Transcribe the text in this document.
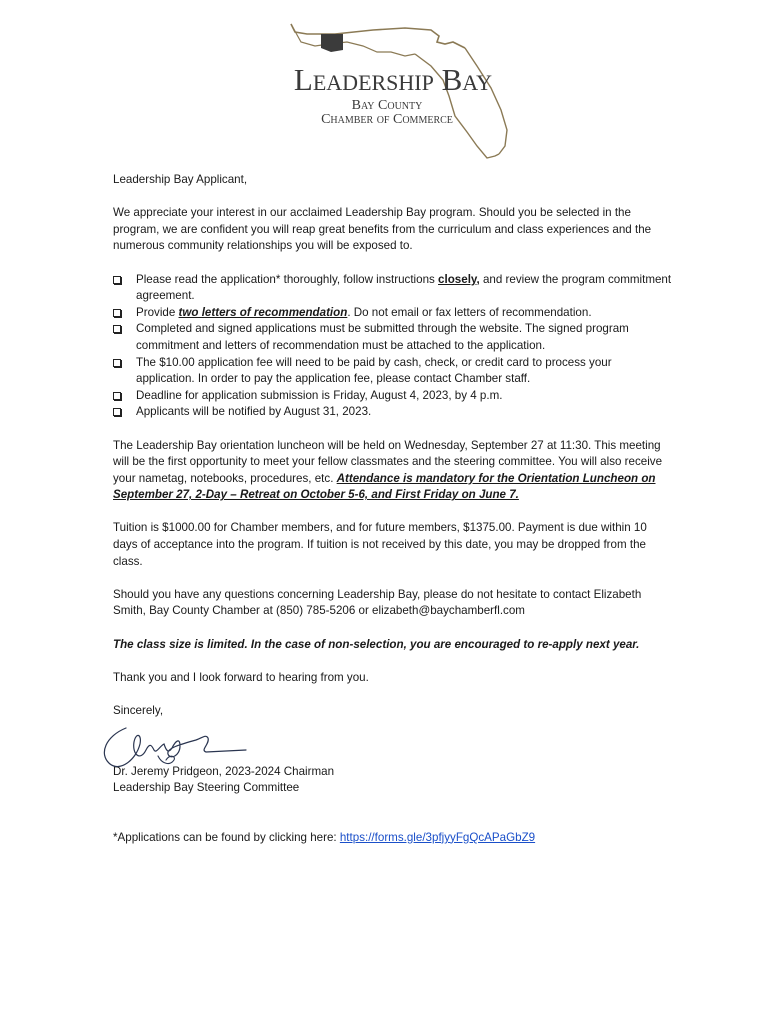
Leadership Bay
Bay County
Chamber of Commerce

Leadership Bay Applicant,

We appreciate your interest in our acclaimed Leadership Bay program. Should you be selected in the program, we are confident you will reap great benefits from the curriculum and class experiences and the numerous community relationships you will be exposed to.

Please read the application* thoroughly, follow instructions closely, and review the program commitment agreement.
Provide two letters of recommendation. Do not email or fax letters of recommendation.
Completed and signed applications must be submitted through the website. The signed program commitment and letters of recommendation must be attached to the application.
The $10.00 application fee will need to be paid by cash, check, or credit card to process your application. In order to pay the application fee, please contact Chamber staff.
Deadline for application submission is Friday, August 4, 2023, by 4 p.m.
Applicants will be notified by August 31, 2023.

The Leadership Bay orientation luncheon will be held on Wednesday, September 27 at 11:30. This meeting will be the first opportunity to meet your fellow classmates and the steering committee. You will also receive your nametag, notebooks, procedures, etc. Attendance is mandatory for the Orientation Luncheon on September 27, 2-Day – Retreat on October 5-6, and First Friday on June 7.

Tuition is $1000.00 for Chamber members, and for future members, $1375.00. Payment is due within 10 days of acceptance into the program. If tuition is not received by this date, you may be dropped from the class.

Should you have any questions concerning Leadership Bay, please do not hesitate to contact Elizabeth Smith, Bay County Chamber at (850) 785-5206 or elizabeth@baychamberfl.com

The class size is limited. In the case of non-selection, you are encouraged to re-apply next year.

Thank you and I look forward to hearing from you.

Sincerely,

Dr. Jeremy Pridgeon, 2023-2024 Chairman
Leadership Bay Steering Committee
*Applications can be found by clicking here: https://forms.gle/3pfjyyFgQcAPaGbZ9
